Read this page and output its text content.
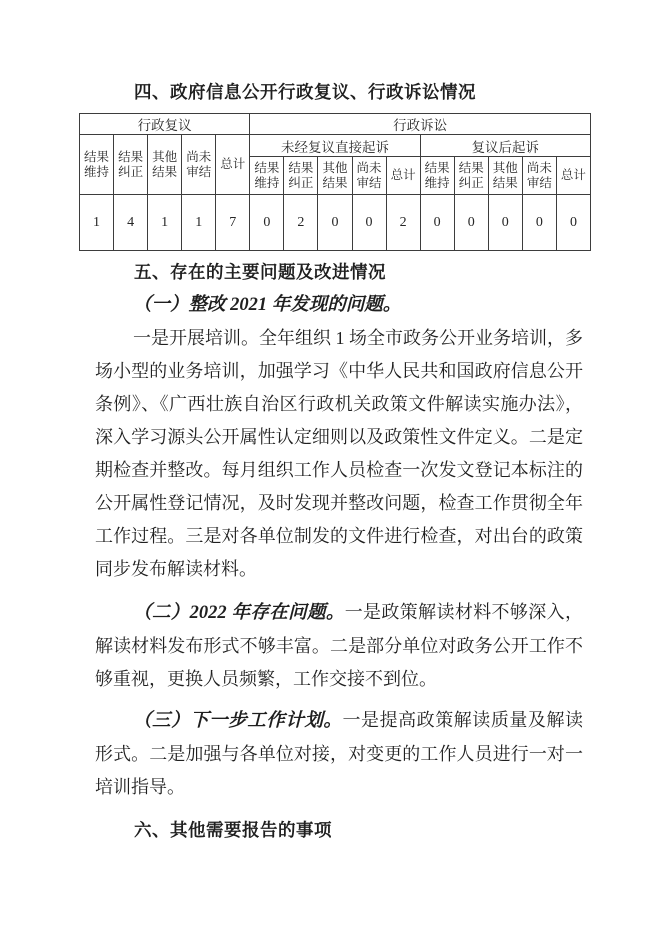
四、政府信息公开行政复议、行政诉讼情况
行政复议					行政诉讼									
结果维持	结果纠正	其他结果	尚未审结	总计	未经复议直接起诉					复议后起诉				
					结果维持	结果纠正	其他结果	尚未审结	总计	结果维持	结果纠正	其他结果	尚未审结	总计
1	4	1	1	7	0	2	0	0	2	0	0	0	0	0
五、存在的主要问题及改进情况

（一）整改 2021 年发现的问题。

一是开展培训。全年组织 1 场全市政务公开业务培训，多场小型的业务培训，加强学习《中华人民共和国政府信息公开条例》、《广西壮族自治区行政机关政策文件解读实施办法》，深入学习源头公开属性认定细则以及政策性文件定义。二是定期检查并整改。每月组织工作人员检查一次发文登记本标注的公开属性登记情况，及时发现并整改问题，检查工作贯彻全年工作过程。三是对各单位制发的文件进行检查，对出台的政策同步发布解读材料。

（二）2022 年存在问题。一是政策解读材料不够深入，解读材料发布形式不够丰富。二是部分单位对政务公开工作不够重视，更换人员频繁，工作交接不到位。

（三）下一步工作计划。一是提高政策解读质量及解读形式。二是加强与各单位对接，对变更的工作人员进行一对一培训指导。

六、其他需要报告的事项
